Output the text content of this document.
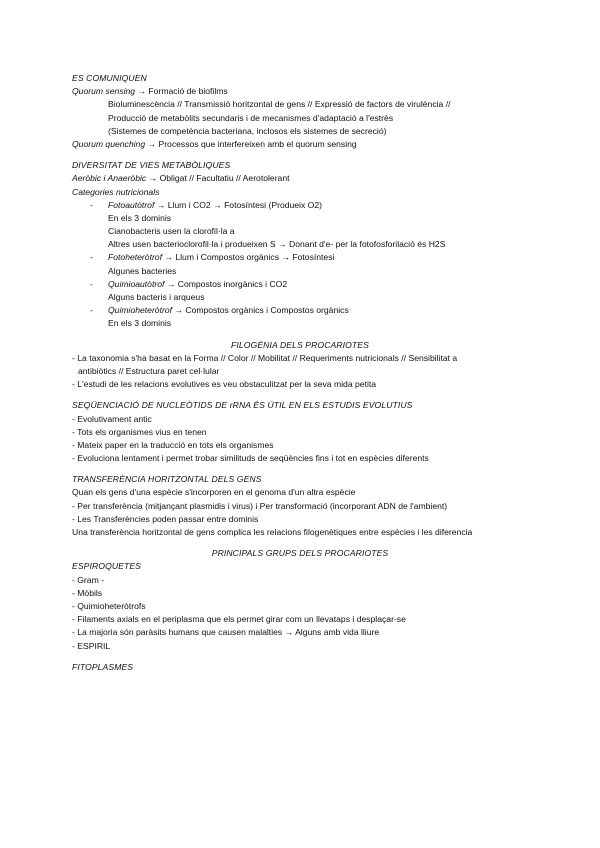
ES COMUNIQUEN
Quorum sensing → Formació de biofilms
Bioluminescència // Transmissió horitzontal de gens // Expressió de factors de virulència //
Producció de metabòlits secundaris i de mecanismes d'adaptació a l'estrès
(Sistemes de competència bacteriana, inclosos els sistemes de secreció)
Quorum quenching → Processos que interfereixen amb el quorum sensing
DIVERSITAT DE VIES METABÒLIQUES
Aeròbic i Anaeròbic → Obligat // Facultatiu // Aerotolerant
Categories nutricionals
- Fotoautòtrof → Llum i CO2 → Fotosíntesi (Produeix O2)
En els 3 dominis
Cianobacteris usen la clorofil·la a
Altres usen bacterioclorofil·la i produeixen S → Donant d'e- per la fotofosforilació és H2S
- Fotoheteròtrof → Llum i Compostos orgànics → Fotosíntesi
Algunes bacteries
- Quimioautòtrof → Compostos inorgànics i CO2
Alguns bacteris i arqueus
- Quimioheteròtrof → Compostos orgànics i Compostos orgànics
En els 3 dominis
FILOGÈNIA DELS PROCARIOTES
- La taxonomia s'ha basat en la Forma // Color // Mobilitat // Requeriments nutricionals // Sensibilitat a
antibiòtics // Estructura paret cel·lular
- L'estudi de les relacions evolutives es veu obstaculitzat per la seva mida petita
SEQÜENCIACIÓ DE NUCLEÒTIDS DE rRNA ÉS ÚTIL EN ELS ESTUDIS EVOLUTIUS
- Evolutivament antic
- Tots els organismes vius en tenen
- Mateix paper en la traducció en tots els organismes
- Evoluciona lentament i permet trobar similituds de seqüències fins i tot en espècies diferents
TRANSFERÈNCIA HORITZONTAL DELS GENS
Quan els gens d'una espècie s'incorporen en el genoma d'un altra espècie
- Per transferència (mitjançant plasmidis i virus) i Per transformació (incorporant ADN de l'ambient)
- Les Transferències poden passar entre dominis
Una transferència horitzontal de gens complica les relacions filogenètiques entre espècies i les diferencia
PRINCIPALS GRUPS DELS PROCARIOTES
ESPIROQUETES
- Gram -
- Mòbils
- Quimioheteròtrofs
- Filaments axials en el periplasma que els permet girar com un llevataps i desplaçar-se
- La majoria són paràsits humans que causen malalties → Alguns amb vida lliure
- ESPIRIL
FITOPLASMES
